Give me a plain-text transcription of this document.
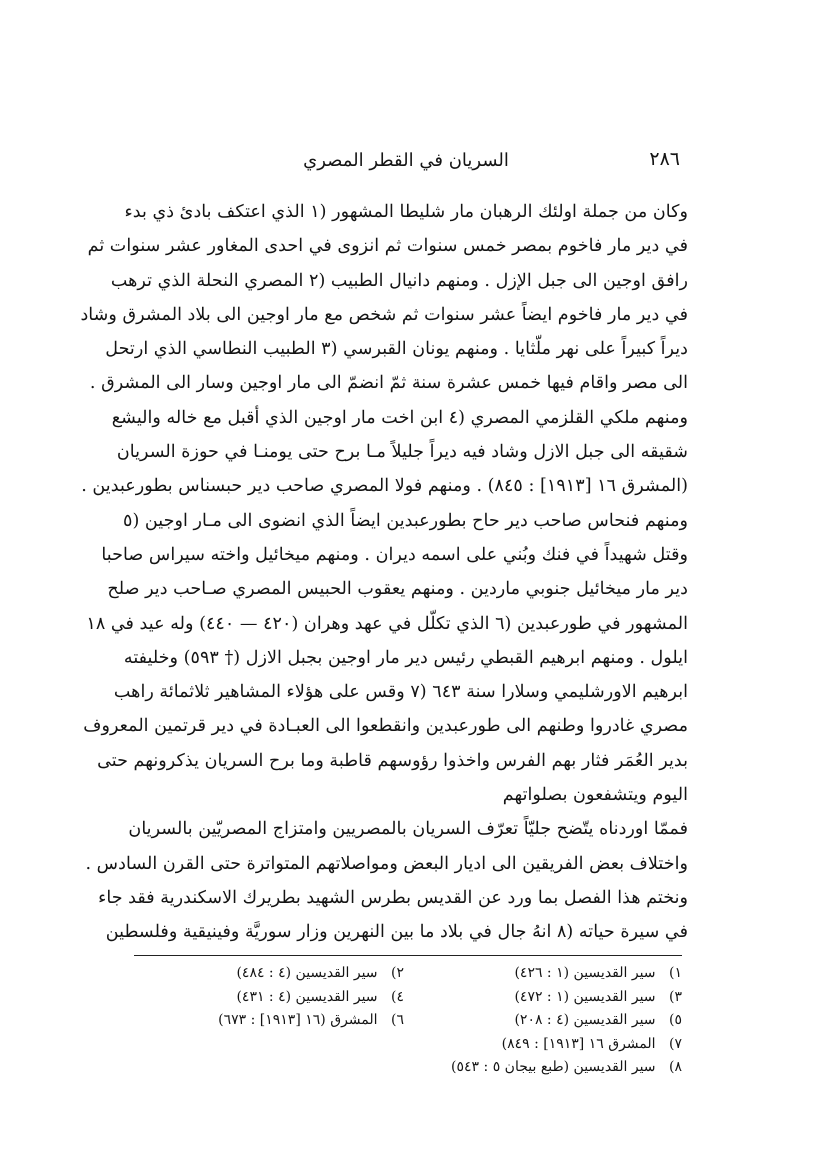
٢٨٦
السريان في القطر المصري
وكان من جملة اولئك الرهبان مار شليطا المشهور (١ الذي اعتكف بادئ ذي بدء
في دير مار فاخوم بمصر خمس سنوات ثم انزوى في احدى المغاور عشر سنوات ثم
رافق اوجين الى جبل الإزل . ومنهم دانيال الطبيب (٢ المصري النحلة الذي ترهب
في دير مار فاخوم ايضاً عشر سنوات ثم شخص مع مار اوجين الى بلاد المشرق وشاد
ديراً كبيراً على نهر ملّثايا . ومنهم يونان القبرسي (٣ الطبيب النطاسي الذي ارتحل
الى مصر واقام فيها خمس عشرة سنة ثمّ انضمّ الى مار اوجين وسار الى المشرق .
ومنهم ملكي القلزمي المصري (٤ ابن اخت مار اوجين الذي أقبل مع خاله واليشع
شقيقه الى جبل الازل وشاد فيه ديراً جليلاً مـا برح حتى يومنـا في حوزة السريان
(المشرق ١٦ [١٩١٣] : ٨٤٥) . ومنهم فولا المصري صاحب دير حبسناس بطورعبدين .
ومنهم فنحاس صاحب دير حاح بطورعبدين ايضاً الذي انضوى الى مـار اوجين (٥
وقتل شهيداً في فنك وبُني على اسمه ديران . ومنهم ميخائيل واخته سيراس صاحبا
دير مار ميخائيل جنوبي ماردين . ومنهم يعقوب الحبيس المصري صـاحب دير صلح
المشهور في طورعبدين (٦ الذي تكلّل في عهد وهران (٤٢٠ — ٤٤٠) وله عيد في ١٨
ايلول . ومنهم ابرهيم القبطي رئيس دير مار اوجين بجبل الازل († ٥٩٣) وخليفته
ابرهيم الاورشليمي وسلارا سنة ٦٤٣ (٧ وقس على هؤلاء المشاهير ثلاثمائة راهب
مصري غادروا وطنهم الى طورعبدين وانقطعوا الى العبـادة في دير قرتمين المعروف
بدير العُمَر فثار بهم الفرس واخذوا رؤوسهم قاطبة وما برح السريان يذكرونهم حتى
اليوم ويتشفعون بصلواتهم
فممّا اوردناه يتّضح جليّاً تعرّف السريان بالمصريين وامتزاج المصريّين بالسريان
واختلاف بعض الفريقين الى اديار البعض ومواصلاتهم المتواترة حتى القرن السادس .
ونختم هذا الفصل بما ورد عن القديس بطرس الشهيد بطريرك الاسكندرية فقد جاء
في سيرة حياته (٨ انهُ جال في بلاد ما بين النهرين وزار سوريَّة وفينيقية وفلسطين
١) سير القديسين (١ : ٤٢٦)
٢) سير القديسين (٤ : ٤٨٤)
٣) سير القديسين (١ : ٤٧٢)
٤) سير القديسين (٤ : ٤٣١)
٥) سير القديسين (٤ : ٢٠٨)
٦) المشرق (١٦ [١٩١٣] : ٦٧٣)
٧) المشرق ١٦ [١٩١٣] : ٨٤٩)
٨) سير القديسين (طبع بيجان ٥ : ٥٤٣)
